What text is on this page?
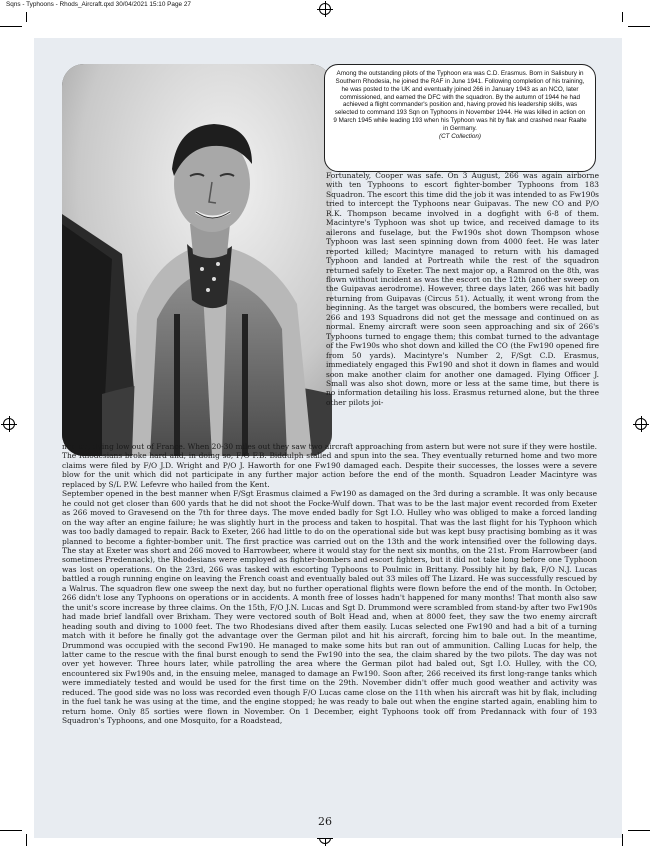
Sqns - Typhoons - Rhods_Aircraft.qxd 30/04/2021 15:10 Page 27
Among the outstanding pilots of the Typhoon era was C.D. Erasmus. Born in Salisbury in Southern Rhodesia, he joined the RAF in June 1941. Following completion of his training, he was posted to the UK and eventually joined 266 in January 1943 as an NCO, later commissioned, and earned the DFC with the squadron. By the autumn of 1944 he had achieved a flight commander's position and, having proved his leadership skills, was selected to command 193 Sqn on Typhoons in November 1944. He was killed in action on 9 March 1945 while leading 193 when his Typhoon was hit by flak and crashed near Raalte in Germany.
(CT Collection)

Fortunately, Cooper was safe. On 3 August, 266 was again airborne with ten Typhoons to escort fighter-bomber Typhoons from 183 Squadron. The escort this time did the job it was intended to as Fw190s tried to intercept the Typhoons near Guipavas. The new CO and P/O R.K. Thompson became involved in a dogfight with 6-8 of them. Macintyre's Typhoon was shot up twice, and received damage to its ailerons and fuselage, but the Fw190s shot down Thompson whose Typhoon was last seen spinning down from 4000 feet. He was later reported killed; Macintyre managed to return with his damaged Typhoon and landed at Portreath while the rest of the squadron returned safely to Exeter. The next major op, a Ramrod on the 8th, was flown without incident as was the escort on the 12th (another sweep on the Guipavas aerodrome). However, three days later, 266 was hit badly returning from Guipavas (Circus 51). Actually, it went wrong from the beginning. As the target was obscured, the bombers were recalled, but 266 and 193 Squadrons did not get the message and continued on as normal. Enemy aircraft were soon seen approaching and six of 266's Typhoons turned to engage them; this combat turned to the advantage of the Fw190s who shot down and killed the CO (the Fw190 opened fire from 50 yards). Macintyre's Number 2, F/Sgt C.D. Erasmus, immediately engaged this Fw190 and shot it down in flames and would soon make another claim for another one damaged. Flying Officer J. Small was also shot down, more or less at the same time, but there is no information detailing his loss. Erasmus returned alone, but the three other pilots joi-

ned up, flying low out of France. When 20-30 miles out they saw two aircraft approaching from astern but were not sure if they were hostile. The Rhodesians broke hard and, in doing so, F/O F.B. Biddulph stalled and spun into the sea. They eventually returned home and two more claims were filed by F/O J.D. Wright and P/O J. Haworth for one Fw190 damaged each. Despite their successes, the losses were a severe blow for the unit which did not participate in any further major action before the end of the month. Squadron Leader Macintyre was replaced by S/L P.W. Lefevre who hailed from the Kent.

September opened in the best manner when F/Sgt Erasmus claimed a Fw190 as damaged on the 3rd during a scramble. It was only because he could not get closer than 600 yards that he did not shoot the Focke-Wulf down. That was to be the last major event recorded from Exeter as 266 moved to Gravesend on the 7th for three days. The move ended badly for Sgt I.O. Hulley who was obliged to make a forced landing on the way after an engine failure; he was slightly hurt in the process and taken to hospital. That was the last flight for his Typhoon which was too badly damaged to repair. Back to Exeter, 266 had little to do on the operational side but was kept busy practising bombing as it was planned to become a fighter-bomber unit. The first practice was carried out on the 13th and the work intensified over the following days. The stay at Exeter was short and 266 moved to Harrowbeer, where it would stay for the next six months, on the 21st. From Harrowbeer (and sometimes Predennack), the Rhodesians were employed as fighter-bombers and escort fighters, but it did not take long before one Typhoon was lost on operations. On the 23rd, 266 was tasked with escorting Typhoons to Poulmic in Brittany. Possibly hit by flak, F/O N.J. Lucas battled a rough running engine on leaving the French coast and eventually baled out 33 miles off The Lizard. He was successfully rescued by a Walrus. The squadron flew one sweep the next day, but no further operational flights were flown before the end of the month. In October, 266 didn't lose any Typhoons on operations or in accidents. A month free of losses hadn't happened for many months! That month also saw the unit's score increase by three claims. On the 15th, F/O J.N. Lucas and Sgt D. Drummond were scrambled from stand-by after two Fw190s had made brief landfall over Brixham. They were vectored south of Bolt Head and, when at 8000 feet, they saw the two enemy aircraft heading south and diving to 1000 feet. The two Rhodesians dived after them easily. Lucas selected one Fw190 and had a bit of a turning match with it before he finally got the advantage over the German pilot and hit his aircraft, forcing him to bale out. In the meantime, Drummond was occupied with the second Fw190. He managed to make some hits but ran out of ammunition. Calling Lucas for help, the latter came to the rescue with the final burst enough to send the Fw190 into the sea, the claim shared by the two pilots. The day was not over yet however. Three hours later, while patrolling the area where the German pilot had baled out, Sgt I.O. Hulley, with the CO, encountered six Fw190s and, in the ensuing melee, managed to damage an Fw190. Soon after, 266 received its first long-range tanks which were immediately tested and would be used for the first time on the 29th. November didn't offer much good weather and activity was reduced. The good side was no loss was recorded even though F/O Lucas came close on the 11th when his aircraft was hit by flak, including in the fuel tank he was using at the time, and the engine stopped; he was ready to bale out when the engine started again, enabling him to return home. Only 85 sorties were flown in November. On 1 December, eight Typhoons took off from Predannack with four of 193 Squadron's Typhoons, and one Mosquito, for a Roadstead,

26
